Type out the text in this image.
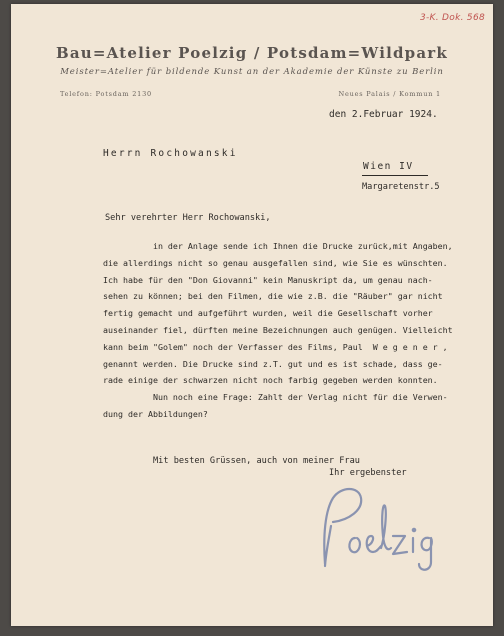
3-K. Dok. 568
Bau=Atelier Poelzig / Potsdam=Wildpark
Meister=Atelier für bildende Kunst an der Akademie der Künste zu Berlin
Telefon: Potsdam 2130	Neues Palais / Kommun 1
den 2.Februar 1924.
Herrn Rochowanski
Wien IV
Margaretenstr.5
Sehr verehrter Herr Rochowanski,
in der Anlage sende ich Ihnen die Drucke zurück,mit Angaben,
die allerdings nicht so genau ausgefallen sind, wie Sie es wünschten.
Ich habe für den "Don Giovanni" kein Manuskript da, um genau nach-
sehen zu können; bei den Filmen, die wie z.B. die "Räuber" gar nicht
fertig gemacht und aufgeführt wurden, weil die Gesellschaft vorher
auseinander fiel, dürften meine Bezeichnungen auch genügen. Vielleicht
kann beim "Golem" noch der Verfasser des Films, Paul  W e g e n e r ,
genannt werden. Die Drucke sind z.T. gut und es ist schade, dass ge-
rade einige der schwarzen nicht noch farbig gegeben werden konnten.
Nun noch eine Frage: Zahlt der Verlag nicht für die Verwen-
dung der Abbildungen?
Mit besten Grüssen, auch von meiner Frau
Ihr ergebenster
